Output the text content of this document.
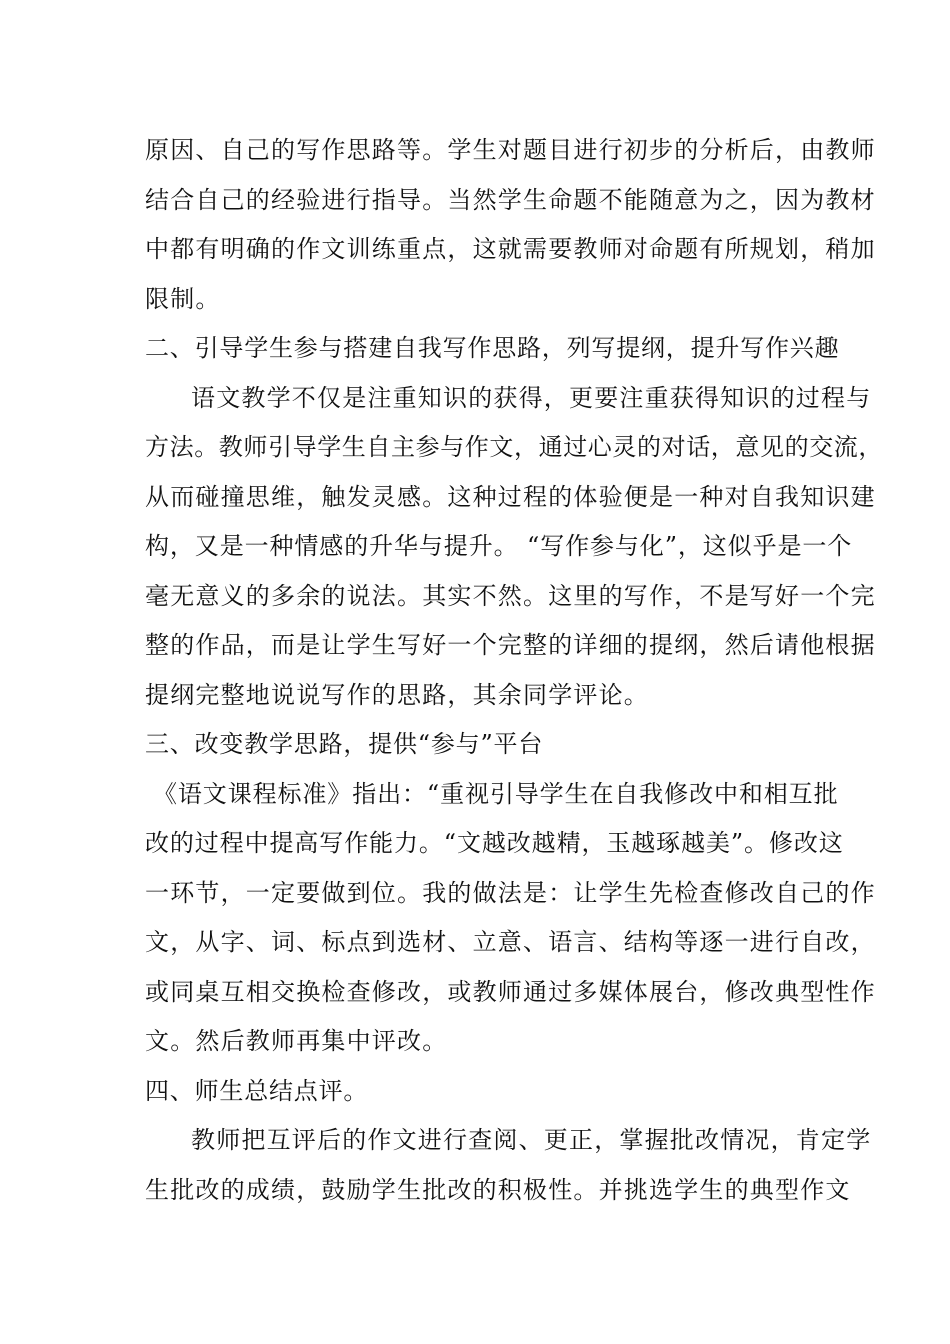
原因、自己的写作思路等。学生对题目进行初步的分析后，由教师
结合自己的经验进行指导。当然学生命题不能随意为之，因为教材
中都有明确的作文训练重点，这就需要教师对命题有所规划，稍加
限制。
二、引导学生参与搭建自我写作思路，列写提纲，提升写作兴趣
语文教学不仅是注重知识的获得，更要注重获得知识的过程与
方法。教师引导学生自主参与作文，通过心灵的对话，意见的交流，
从而碰撞思维，触发灵感。这种过程的体验便是一种对自我知识建
构，又是一种情感的升华与提升。 “写作参与化”，这似乎是一个
毫无意义的多余的说法。其实不然。这里的写作，不是写好一个完
整的作品，而是让学生写好一个完整的详细的提纲，然后请他根据
提纲完整地说说写作的思路，其余同学评论。
三、改变教学思路，提供“参与”平台
《语文课程标准》指出：“重视引导学生在自我修改中和相互批
改的过程中提高写作能力。“文越改越精，玉越琢越美”。修改这
一环节，一定要做到位。我的做法是：让学生先检查修改自己的作
文，从字、词、标点到选材、立意、语言、结构等逐一进行自改，
或同桌互相交换检查修改，或教师通过多媒体展台，修改典型性作
文。然后教师再集中评改。
四、师生总结点评。
教师把互评后的作文进行查阅、更正，掌握批改情况，肯定学
生批改的成绩，鼓励学生批改的积极性。并挑选学生的典型作文
